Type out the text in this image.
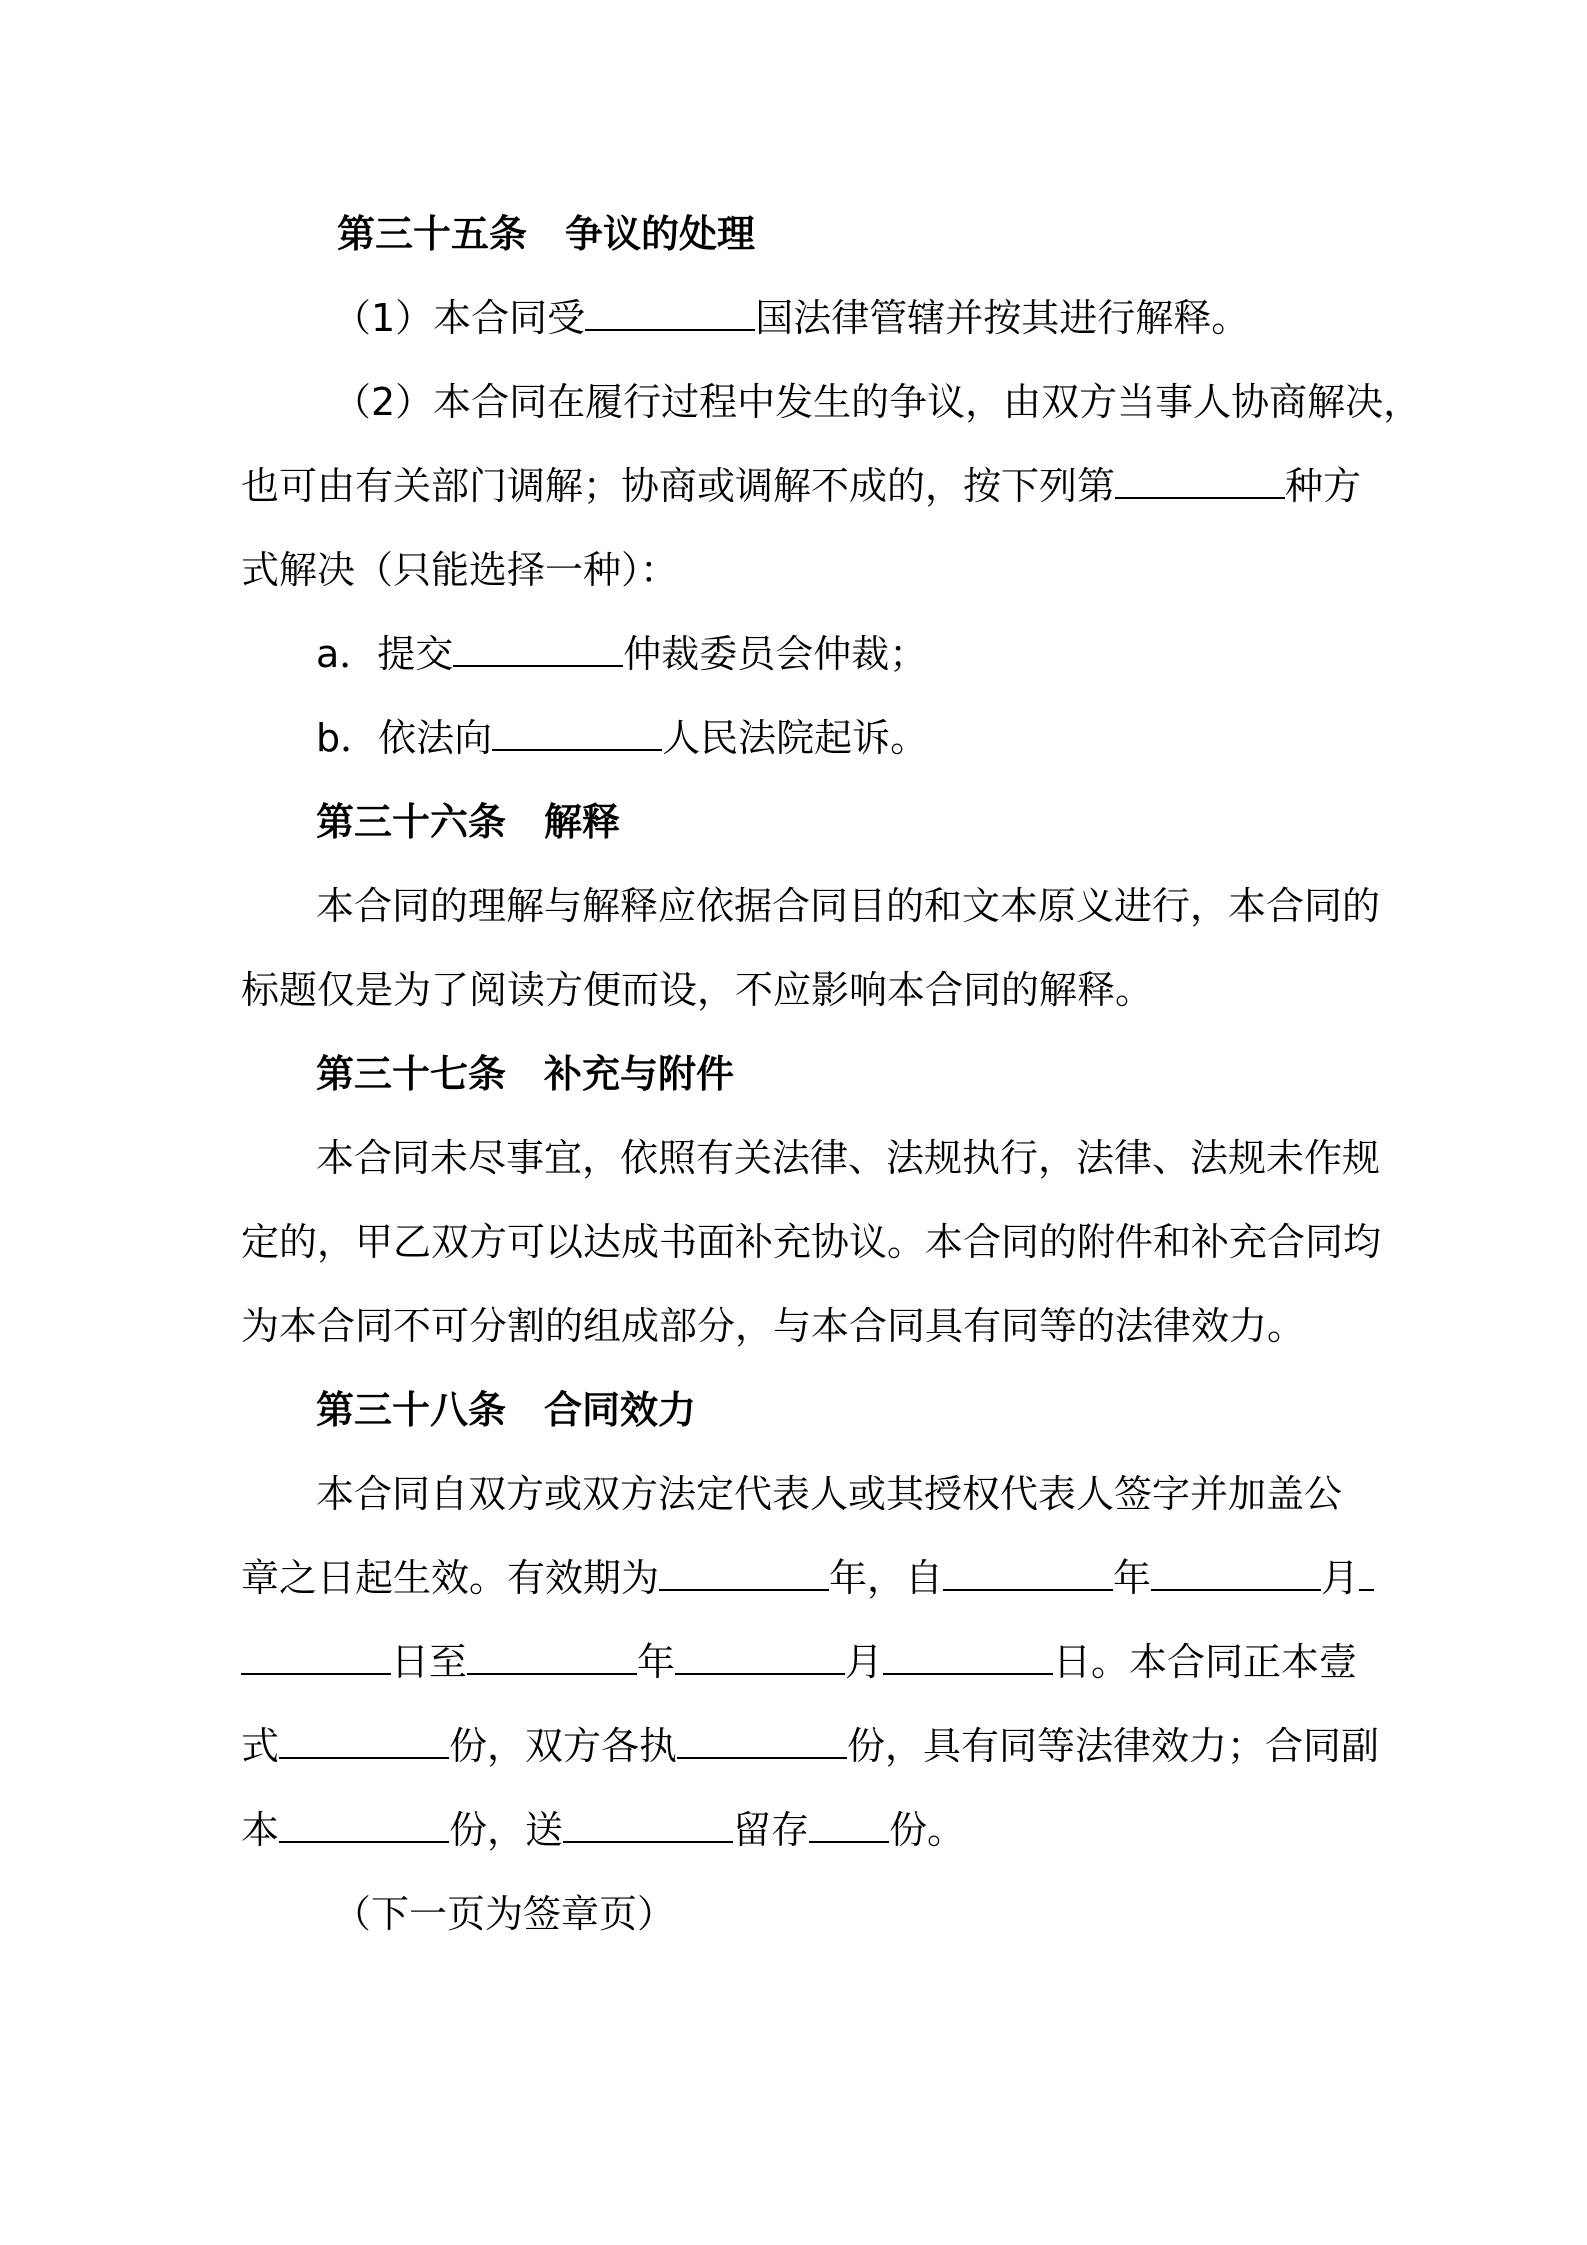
第三十五条 争议的处理
（1）本合同受	国法律管辖并按其进行解释。
（2）本合同在履行过程中发生的争议，由双方当事人协商解决，
也可由有关部门调解；协商或调解不成的，按下列第	种方
式解决（只能选择一种）：
a．提交	仲裁委员会仲裁；
b．依法向	人民法院起诉。
第三十六条 解释
本合同的理解与解释应依据合同目的和文本原义进行，本合同的
标题仅是为了阅读方便而设，不应影响本合同的解释。
第三十七条 补充与附件
本合同未尽事宜，依照有关法律、法规执行，法律、法规未作规
定的，甲乙双方可以达成书面补充协议。本合同的附件和补充合同均
为本合同不可分割的组成部分，与本合同具有同等的法律效力。
第三十八条 合同效力
本合同自双方或双方法定代表人或其授权代表人签字并加盖公
章之日起生效。有效期为	年，自	年	月
日至	年	月	日。本合同正本壹
式	份，双方各执	份，具有同等法律效力；合同副
本	份，送	留存 份。
（下一页为签章页）
